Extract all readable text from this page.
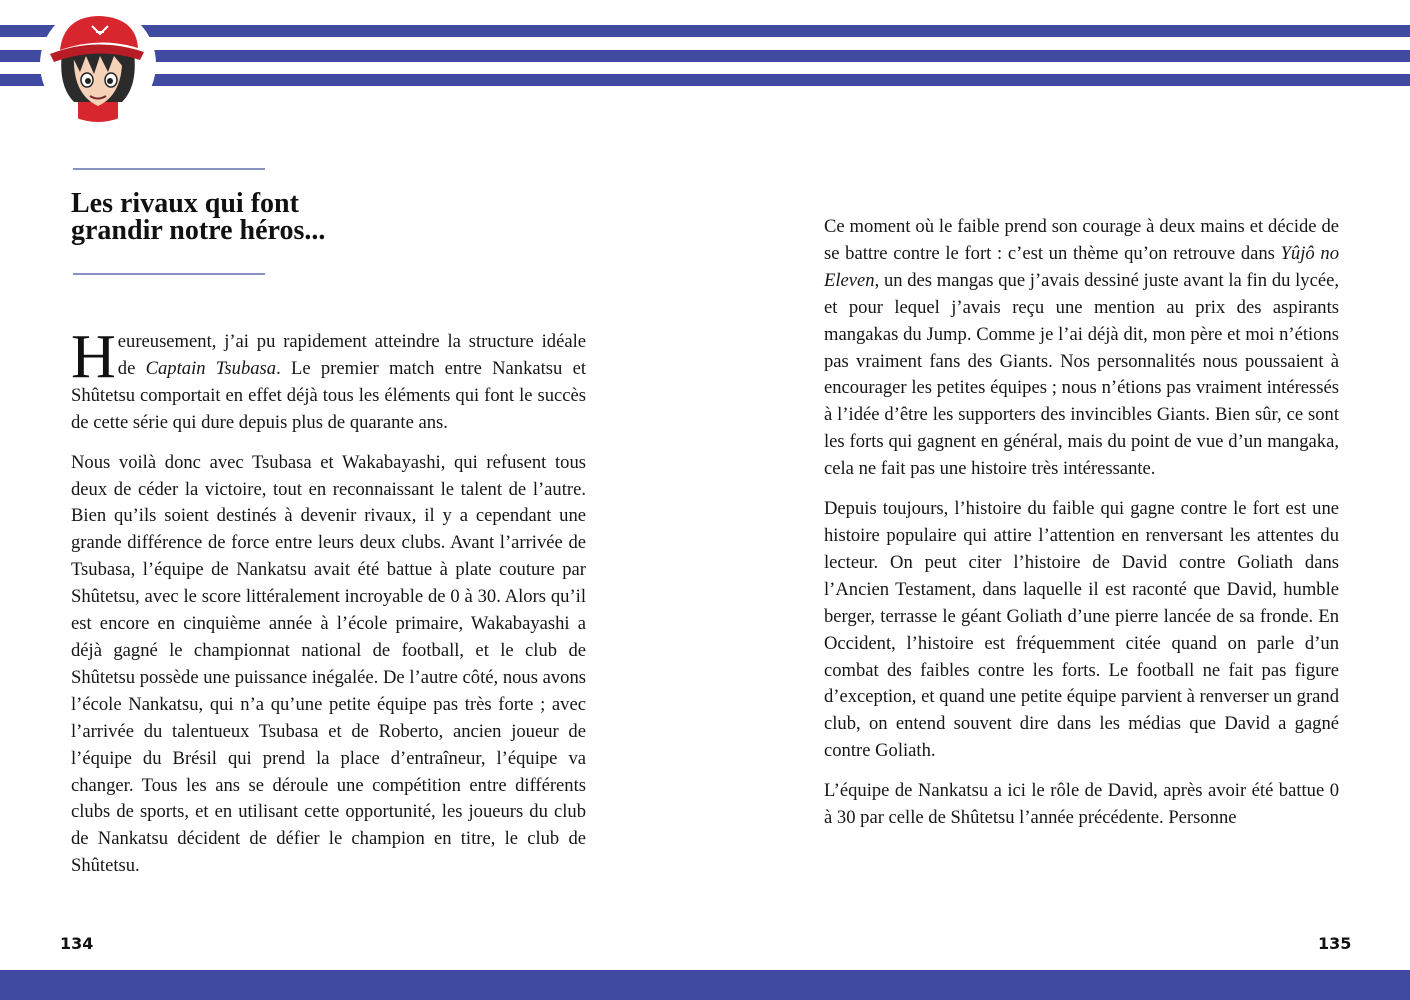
Les rivaux qui font
grandir notre héros...

Heureusement, j’ai pu rapidement atteindre la structure idéale de Captain Tsubasa. Le premier match entre Nankatsu et Shûtetsu comportait en effet déjà tous les éléments qui font le succès de cette série qui dure depuis plus de quarante ans.

Nous voilà donc avec Tsubasa et Wakabayashi, qui refusent tous deux de céder la victoire, tout en reconnaissant le talent de l’autre. Bien qu’ils soient destinés à devenir rivaux, il y a cependant une grande différence de force entre leurs deux clubs. Avant l’arrivée de Tsubasa, l’équipe de Nankatsu avait été battue à plate couture par Shûtetsu, avec le score littéralement incroyable de 0 à 30. Alors qu’il est encore en cinquième année à l’école primaire, Wakabayashi a déjà gagné le championnat national de football, et le club de Shûtetsu possède une puissance inégalée. De l’autre côté, nous avons l’école Nankatsu, qui n’a qu’une petite équipe pas très forte ; avec l’arrivée du talentueux Tsubasa et de Roberto, ancien joueur de l’équipe du Brésil qui prend la place d’entraîneur, l’équipe va changer. Tous les ans se déroule une compétition entre différents clubs de sports, et en utilisant cette opportunité, les joueurs du club de Nankatsu décident de défier le champion en titre, le club de Shûtetsu.

Ce moment où le faible prend son courage à deux mains et décide de se battre contre le fort : c’est un thème qu’on retrouve dans Yûjô no Eleven, un des mangas que j’avais dessiné juste avant la fin du lycée, et pour lequel j’avais reçu une mention au prix des aspirants mangakas du Jump. Comme je l’ai déjà dit, mon père et moi n’étions pas vraiment fans des Giants. Nos personnalités nous poussaient à encourager les petites équipes ; nous n’étions pas vraiment intéressés à l’idée d’être les supporters des invincibles Giants. Bien sûr, ce sont les forts qui gagnent en général, mais du point de vue d’un mangaka, cela ne fait pas une histoire très intéressante.

Depuis toujours, l’histoire du faible qui gagne contre le fort est une histoire populaire qui attire l’attention en renversant les attentes du lecteur. On peut citer l’histoire de David contre Goliath dans l’Ancien Testament, dans laquelle il est raconté que David, humble berger, terrasse le géant Goliath d’une pierre lancée de sa fronde. En Occident, l’histoire est fréquemment citée quand on parle d’un combat des faibles contre les forts. Le football ne fait pas figure d’exception, et quand une petite équipe parvient à renverser un grand club, on entend souvent dire dans les médias que David a gagné contre Goliath.

L’équipe de Nankatsu a ici le rôle de David, après avoir été battue 0 à 30 par celle de Shûtetsu l’année précédente. Personne

134	135
